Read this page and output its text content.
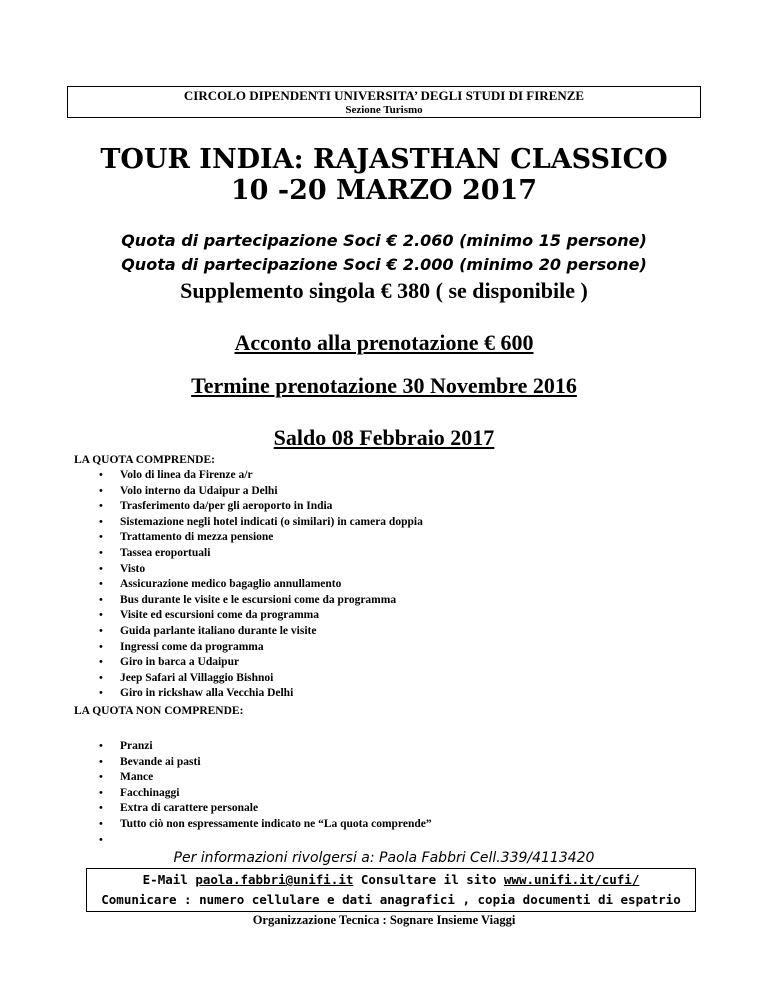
CIRCOLO DIPENDENTI UNIVERSITA’ DEGLI STUDI DI FIRENZE
Sezione Turismo
TOUR INDIA: RAJASTHAN CLASSICO
10 -20 MARZO 2017
Quota di partecipazione Soci € 2.060 (minimo 15 persone)
Quota di partecipazione Soci € 2.000 (minimo 20 persone)
Supplemento singola € 380 ( se disponibile )
Acconto alla prenotazione € 600
Termine prenotazione 30 Novembre 2016
Saldo 08 Febbraio 2017
LA QUOTA COMPRENDE:
• Volo di linea da Firenze a/r
• Volo interno da Udaipur a Delhi
• Trasferimento da/per gli aeroporto in India
• Sistemazione negli hotel indicati (o similari) in camera doppia
• Trattamento di mezza pensione
• Tassea eroportuali
• Visto
• Assicurazione medico bagaglio annullamento
• Bus durante le visite e le escursioni come da programma
• Visite ed escursioni come da programma
• Guida parlante italiano durante le visite
• Ingressi come da programma
• Giro in barca a Udaipur
• Jeep Safari al Villaggio Bishnoi
• Giro in rickshaw alla Vecchia Delhi
LA QUOTA NON COMPRENDE:
• Pranzi
• Bevande ai pasti
• Mance
• Facchinaggi
• Extra di carattere personale
• Tutto ciò non espressamente indicato ne “La quota comprende”
•
Per informazioni rivolgersi a: Paola Fabbri Cell.339/4113420
E-Mail paola.fabbri@unifi.it Consultare il sito www.unifi.it/cufi/
Comunicare : numero cellulare e dati anagrafici , copia documenti di espatrio
Organizzazione Tecnica : Sognare Insieme Viaggi
